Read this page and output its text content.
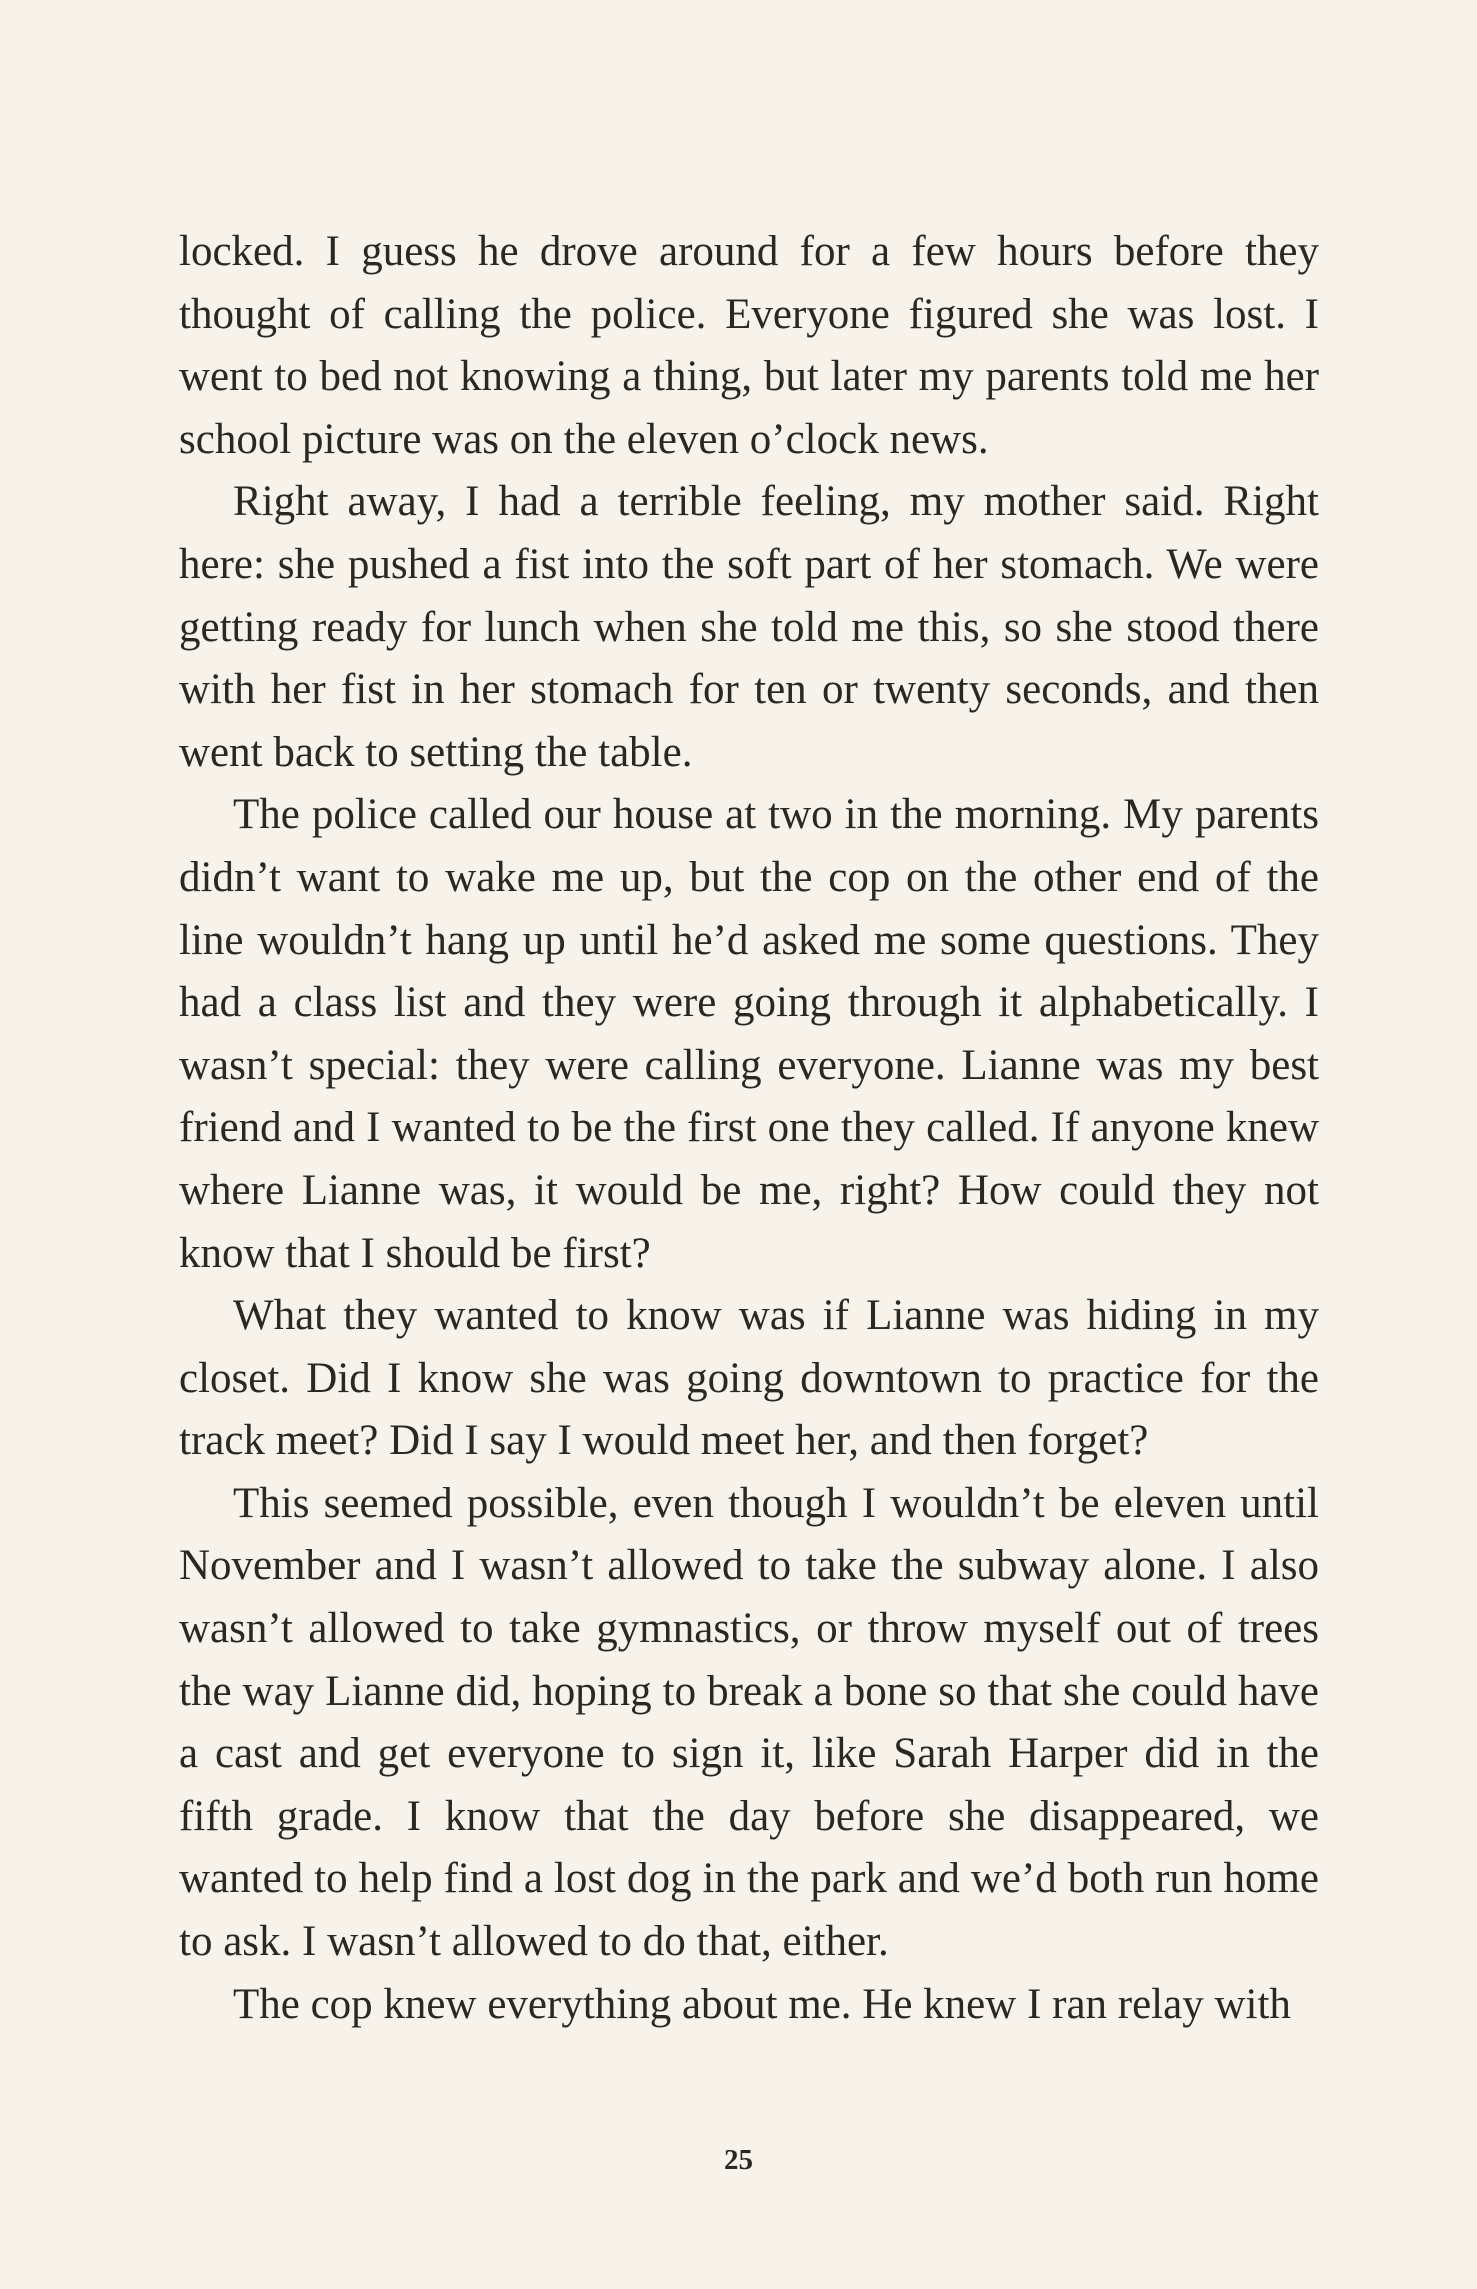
locked. I guess he drove around for a few hours before they thought of calling the police. Everyone figured she was lost. I went to bed not knowing a thing, but later my parents told me her school picture was on the eleven o’clock news.

Right away, I had a terrible feeling, my mother said. Right here: she pushed a fist into the soft part of her stomach. We were getting ready for lunch when she told me this, so she stood there with her fist in her stomach for ten or twenty seconds, and then went back to setting the table.

The police called our house at two in the morning. My parents didn’t want to wake me up, but the cop on the other end of the line wouldn’t hang up until he’d asked me some questions. They had a class list and they were going through it alphabetically. I wasn’t special: they were calling everyone. Lianne was my best friend and I wanted to be the first one they called. If anyone knew where Lianne was, it would be me, right? How could they not know that I should be first?

What they wanted to know was if Lianne was hiding in my closet. Did I know she was going downtown to practice for the track meet? Did I say I would meet her, and then forget?

This seemed possible, even though I wouldn’t be eleven until November and I wasn’t allowed to take the subway alone. I also wasn’t allowed to take gymnastics, or throw myself out of trees the way Lianne did, hoping to break a bone so that she could have a cast and get everyone to sign it, like Sarah Harper did in the fifth grade. I know that the day before she disappeared, we wanted to help find a lost dog in the park and we’d both run home to ask. I wasn’t allowed to do that, either.

The cop knew everything about me. He knew I ran relay with

25
